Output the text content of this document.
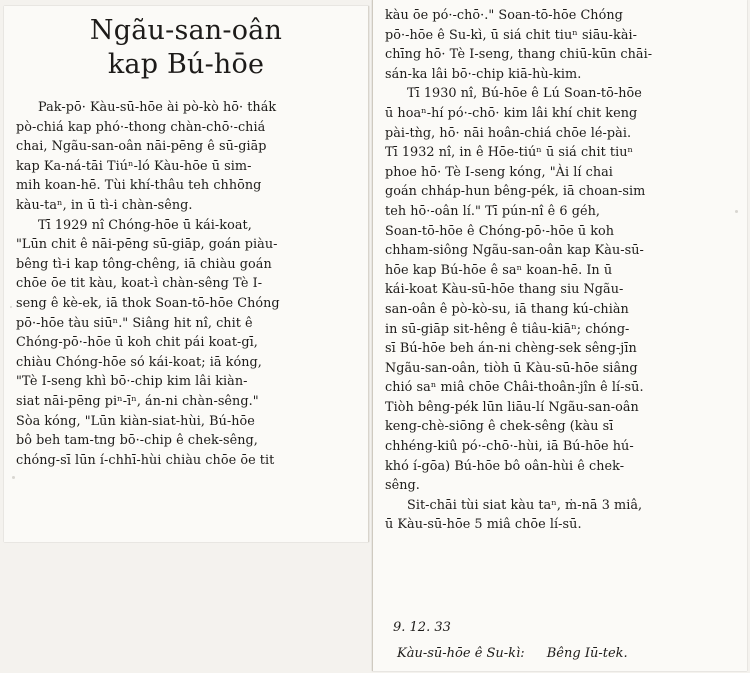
Ngãu-san-oân

kap Bú-hōe

Pak-pō· Kàu-sū-hōe ài pò-kò hō· thák
pò-chiá kap phó·-thong chàn-chō·-chiá
chai, Ngãu-san-oân nāi-pēng ê sū-giāp
kap Ka-ná-tāi Tiúⁿ-ló Kàu-hōe ū sim-
mih koan-hē. Tùi khí-thâu teh chhōng
kàu-taⁿ, in ū tì-i chàn-sêng.

Tī 1929 nî Chóng-hōe ū kái-koat,
"Lūn chit ê nāi-pēng sū-giāp, goán piàu-
bêng tì-i kap tông-chêng, iā chiàu goán
chōe ōe tit kàu, koat-ì chàn-sêng Tè I-
seng ê kè-ek, iā thok Soan-tō-hōe Chóng
pō·-hōe tàu siūⁿ." Siâng hit nî, chit ê
Chóng-pō·-hōe ū koh chit pái koat-gī,
chiàu Chóng-hōe só kái-koat; iā kóng,
"Tè I-seng khì bō·-chip kim lâi kiàn-
siat nāi-pēng piⁿ-īⁿ, án-ni chàn-sêng."
Sòa kóng, "Lūn kiàn-siat-hùi, Bú-hōe
bô beh tam-tng bō·-chip ê chek-sêng,
chóng-sī lūn í-chhī-hùi chiàu chōe ōe tit

kàu ōe pó·-chō·." Soan-tō-hōe Chóng
pō·-hōe ê Su-kì, ū siá chit tiuⁿ siāu-kài-
chīng hō· Tè I-seng, thang chiū-kūn chāi-
sán-ka lâi bō·-chip kiā-hù-kim.

Tī 1930 nî, Bú-hōe ê Lú Soan-tō-hōe
ū hoaⁿ-hí pó·-chō· kim lâi khí chit keng
pài-tǹg, hō· nāi hoân-chiá chōe lé-pài.
Tī 1932 nî, in ê Hōe-tiúⁿ ū siá chit tiuⁿ
phoe hō· Tè I-seng kóng, "Ài lí chai
goán chháp-hun bêng-pék, iā choan-sim
teh hō·-oân lí." Tī pún-nî ê 6 géh,
Soan-tō-hōe ê Chóng-pō·-hōe ū koh
chham-siông Ngãu-san-oân kap Kàu-sū-
hōe kap Bú-hōe ê saⁿ koan-hē. In ū
kái-koat Kàu-sū-hōe thang siu Ngãu-
san-oân ê pò-kò-su, iā thang kú-chiàn
in sū-giāp sit-hêng ê tiâu-kiāⁿ; chóng-
sī Bú-hōe beh án-ni chèng-sek sêng-jīn
Ngãu-san-oân, tiòh ū Kàu-sū-hōe siâng
chió saⁿ miâ chōe Châi-thoân-jîn ê lí-sū.
Tiòh bêng-pék lūn liāu-lí Ngãu-san-oân
keng-chè-siōng ê chek-sêng (kàu sī
chhéng-kiû pó·-chō·-hùi, iā Bú-hōe hú-
khó í-gōa) Bú-hōe bô oân-hùi ê chek-
sêng.

Sit-chāi tùi siat kàu taⁿ, ṁ-nā 3 miâ,
ū Kàu-sū-hōe 5 miâ chōe lí-sū.

9. 12. 33
Kàu-sū-hōe ê Su-kì: Bêng Iū-tek.
